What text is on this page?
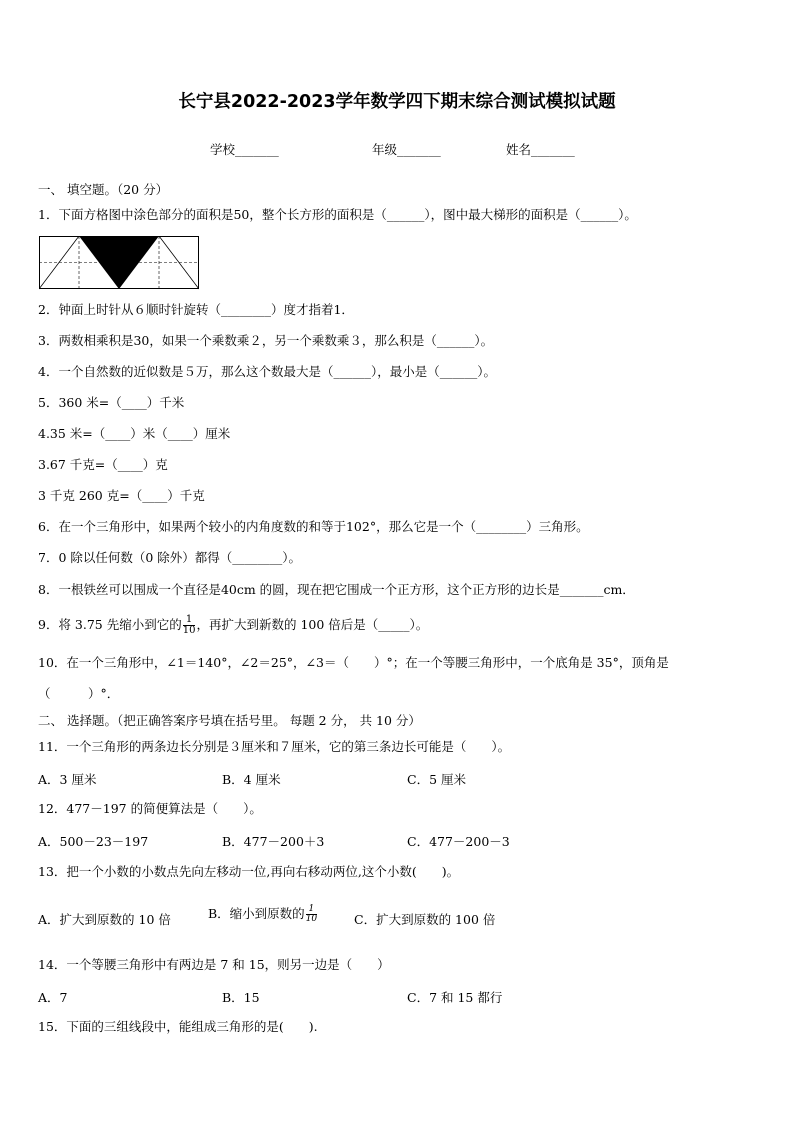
长宁县2022-2023学年数学四下期末综合测试模拟试题
学校_______	年级_______	姓名_______
一、 填空题。（20 分）
1．下面方格图中涂色部分的面积是50，整个长方形的面积是（______），图中最大梯形的面积是（______）。
2．钟面上时针从６顺时针旋转（________）度才指着1．
3．两数相乘积是30，如果一个乘数乘２，另一个乘数乘３，那么积是（______）。
4．一个自然数的近似数是５万，那么这个数最大是（______），最小是（______）。
5．360 米=（____）千米
4.35 米=（____）米（____）厘米
3.67 千克=（____）克
3 千克 260 克=（____）千克
6．在一个三角形中，如果两个较小的内角度数的和等于102°，那么它是一个（________）三角形。
7．0 除以任何数（0 除外）都得（________）。
8．一根铁丝可以围成一个直径是40cm 的圆，现在把它围成一个正方形，这个正方形的边长是_______cm．
9．将 3.75 先缩小到它的 $\frac{1}{10}$ ，再扩大到新数的 100 倍后是（_____）。
10．在一个三角形中，∠1＝140°，∠2＝25°，∠3＝（　　）°；在一个等腰三角形中，一个底角是 35°，顶角是
（　　　）°．
二、 选择题。（把正确答案序号填在括号里。 每题 2 分， 共 10 分）
11．一个三角形的两条边长分别是３厘米和７厘米，它的第三条边长可能是（　　）。
A．3 厘米	B．4 厘米	C．5 厘米
12．477－197 的简便算法是（　　）。
A．500－23－197	B．477－200＋3	C．477－200－3
13．把一个小数的小数点先向左移动一位,再向右移动两位,这个小数(　　)。
A．扩大到原数的 10 倍	B．缩小到原数的 $\frac{1}{10}$	C．扩大到原数的 100 倍
14．一个等腰三角形中有两边是 7 和 15，则另一边是（　　）
A．7	B．15	C．7 和 15 都行
15．下面的三组线段中，能组成三角形的是(　　).
